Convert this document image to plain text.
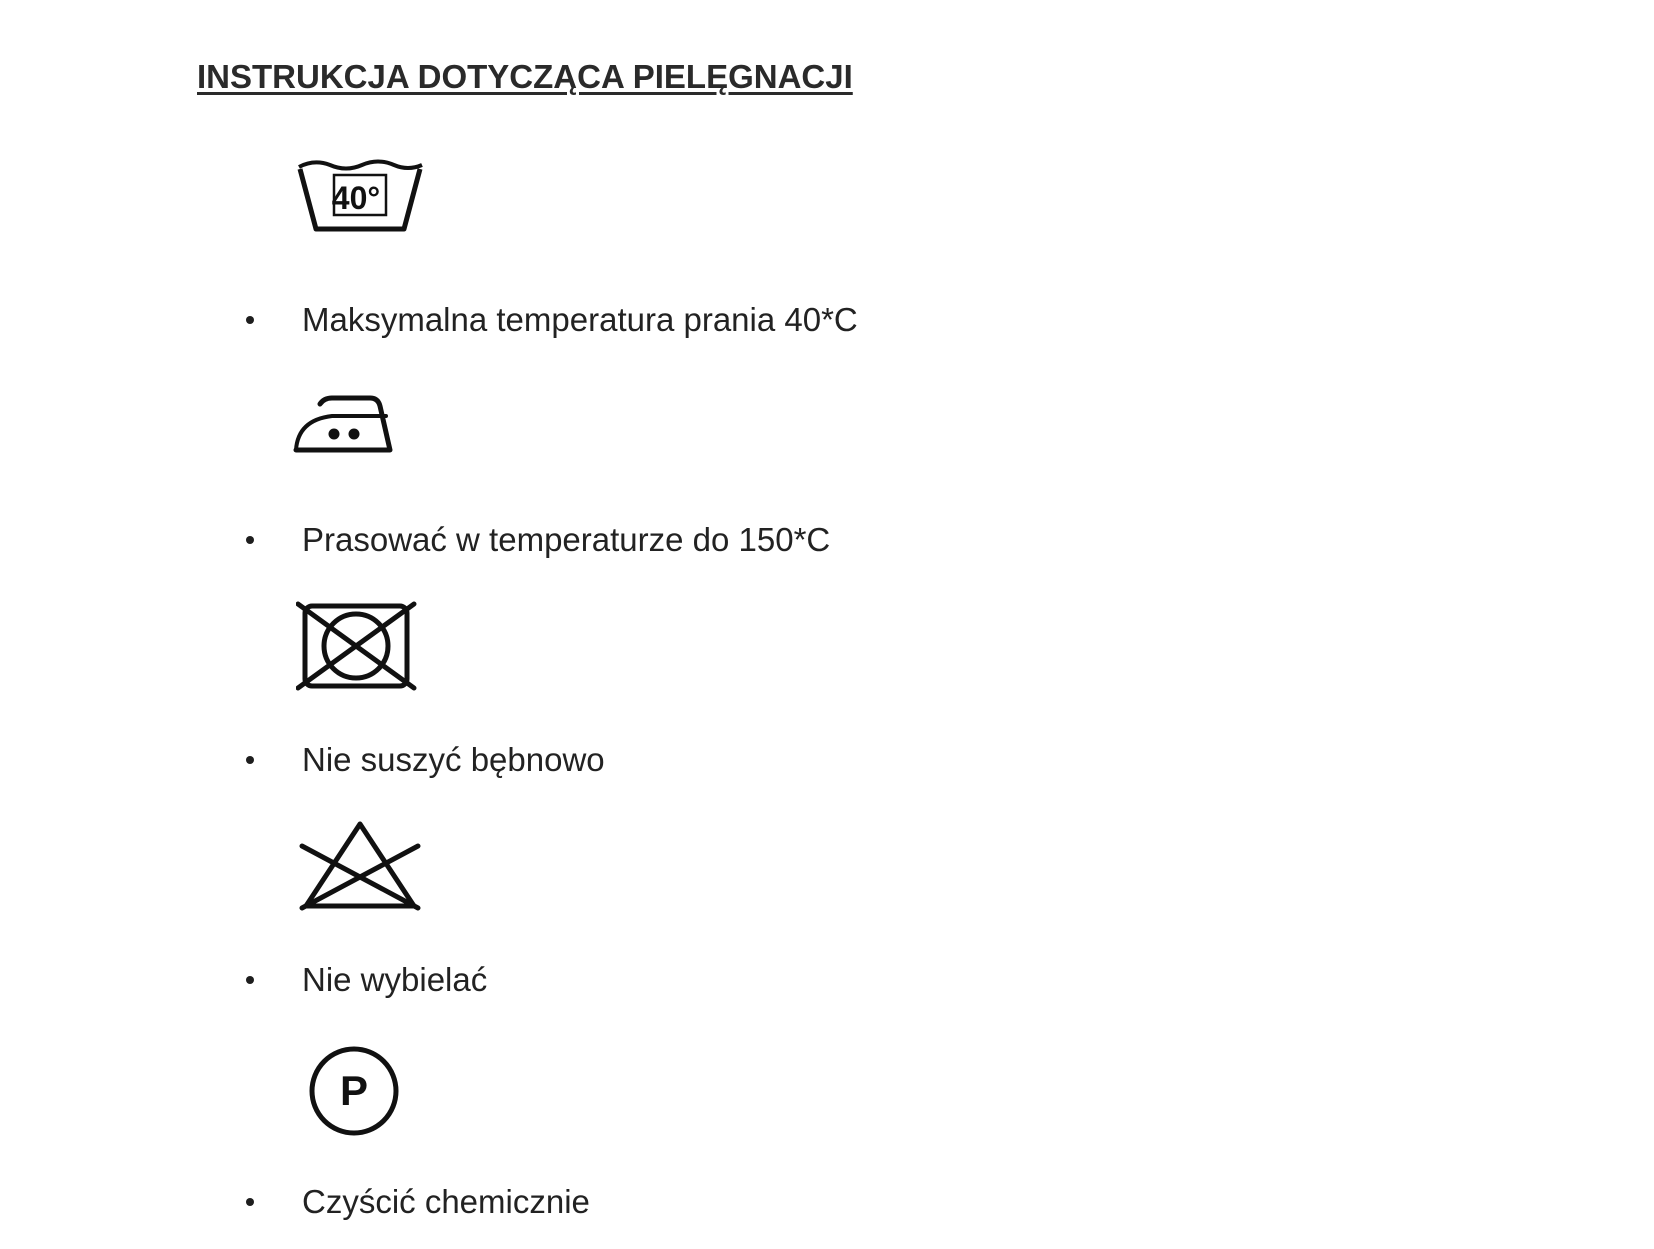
INSTRUKCJA DOTYCZĄCA PIELĘGNACJI
40°
Maksymalna temperatura prania 40*C
Prasować w temperaturze do 150*C
Nie suszyć bębnowo
Nie wybielać
P
Czyścić chemicznie
